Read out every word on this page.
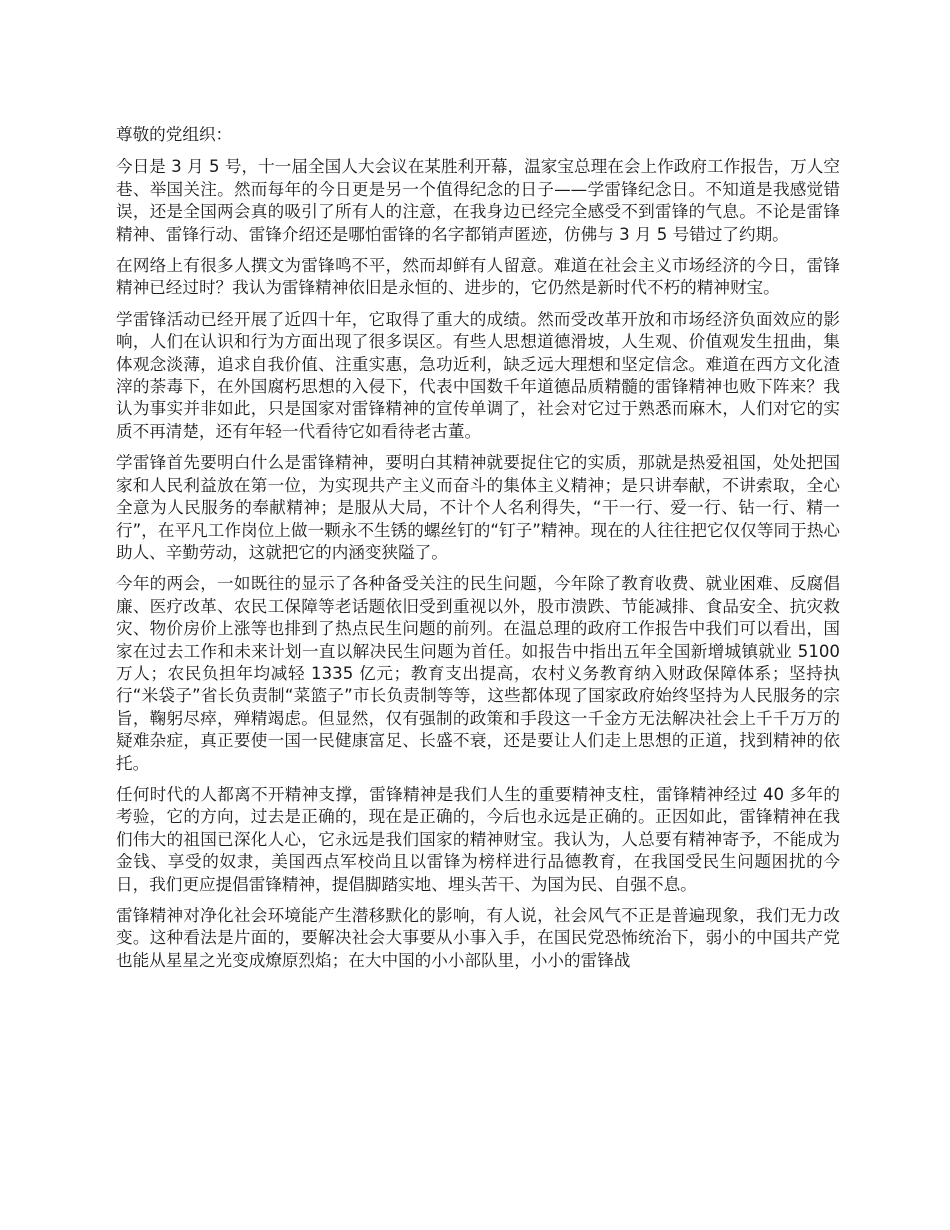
尊敬的党组织：

今日是 3 月 5 号，十一届全国人大会议在某胜利开幕，温家宝总理在会上作政府工作报告，万人空巷、举国关注。然而每年的今日更是另一个值得纪念的日子——学雷锋纪念日。不知道是我感觉错误，还是全国两会真的吸引了所有人的注意，在我身边已经完全感受不到雷锋的气息。不论是雷锋精神、雷锋行动、雷锋介绍还是哪怕雷锋的名字都销声匿迹，仿佛与 3 月 5 号错过了约期。

在网络上有很多人撰文为雷锋鸣不平，然而却鲜有人留意。难道在社会主义市场经济的今日，雷锋精神已经过时？我认为雷锋精神依旧是永恒的、进步的，它仍然是新时代不朽的精神财宝。

学雷锋活动已经开展了近四十年，它取得了重大的成绩。然而受改革开放和市场经济负面效应的影响，人们在认识和行为方面出现了很多误区。有些人思想道德滑坡，人生观、价值观发生扭曲，集体观念淡薄，追求自我价值、注重实惠，急功近利，缺乏远大理想和坚定信念。难道在西方文化渣滓的荼毒下，在外国腐朽思想的入侵下，代表中国数千年道德品质精髓的雷锋精神也败下阵来？我认为事实并非如此，只是国家对雷锋精神的宣传单调了，社会对它过于熟悉而麻木，人们对它的实质不再清楚，还有年轻一代看待它如看待老古董。

学雷锋首先要明白什么是雷锋精神，要明白其精神就要捉住它的实质，那就是热爱祖国，处处把国家和人民利益放在第一位，为实现共产主义而奋斗的集体主义精神；是只讲奉献，不讲索取，全心全意为人民服务的奉献精神；是服从大局，不计个人名利得失，“干一行、爱一行、钻一行、精一行”，在平凡工作岗位上做一颗永不生锈的螺丝钉的“钉子”精神。现在的人往往把它仅仅等同于热心助人、辛勤劳动，这就把它的内涵变狭隘了。

今年的两会，一如既往的显示了各种备受关注的民生问题，今年除了教育收费、就业困难、反腐倡廉、医疗改革、农民工保障等老话题依旧受到重视以外，股市溃跌、节能减排、食品安全、抗灾救灾、物价房价上涨等也排到了热点民生问题的前列。在温总理的政府工作报告中我们可以看出，国家在过去工作和未来计划一直以解决民生问题为首任。如报告中指出五年全国新增城镇就业 5100 万人；农民负担年均减轻 1335 亿元；教育支出提高，农村义务教育纳入财政保障体系；坚持执行“米袋子”省长负责制“菜篮子”市长负责制等等，这些都体现了国家政府始终坚持为人民服务的宗旨，鞠躬尽瘁，殚精竭虑。但显然，仅有强制的政策和手段这一千金方无法解决社会上千千万万的疑难杂症，真正要使一国一民健康富足、长盛不衰，还是要让人们走上思想的正道，找到精神的依托。

任何时代的人都离不开精神支撑，雷锋精神是我们人生的重要精神支柱，雷锋精神经过 40 多年的考验，它的方向，过去是正确的，现在是正确的，今后也永远是正确的。正因如此，雷锋精神在我们伟大的祖国已深化人心，它永远是我们国家的精神财宝。我认为，人总要有精神寄予，不能成为金钱、享受的奴隶，美国西点军校尚且以雷锋为榜样进行品德教育，在我国受民生问题困扰的今日，我们更应提倡雷锋精神，提倡脚踏实地、埋头苦干、为国为民、自强不息。

雷锋精神对净化社会环境能产生潜移默化的影响，有人说，社会风气不正是普遍现象，我们无力改变。这种看法是片面的，要解决社会大事要从小事入手，在国民党恐怖统治下，弱小的中国共产党也能从星星之光变成燎原烈焰；在大中国的小小部队里，小小的雷锋战
